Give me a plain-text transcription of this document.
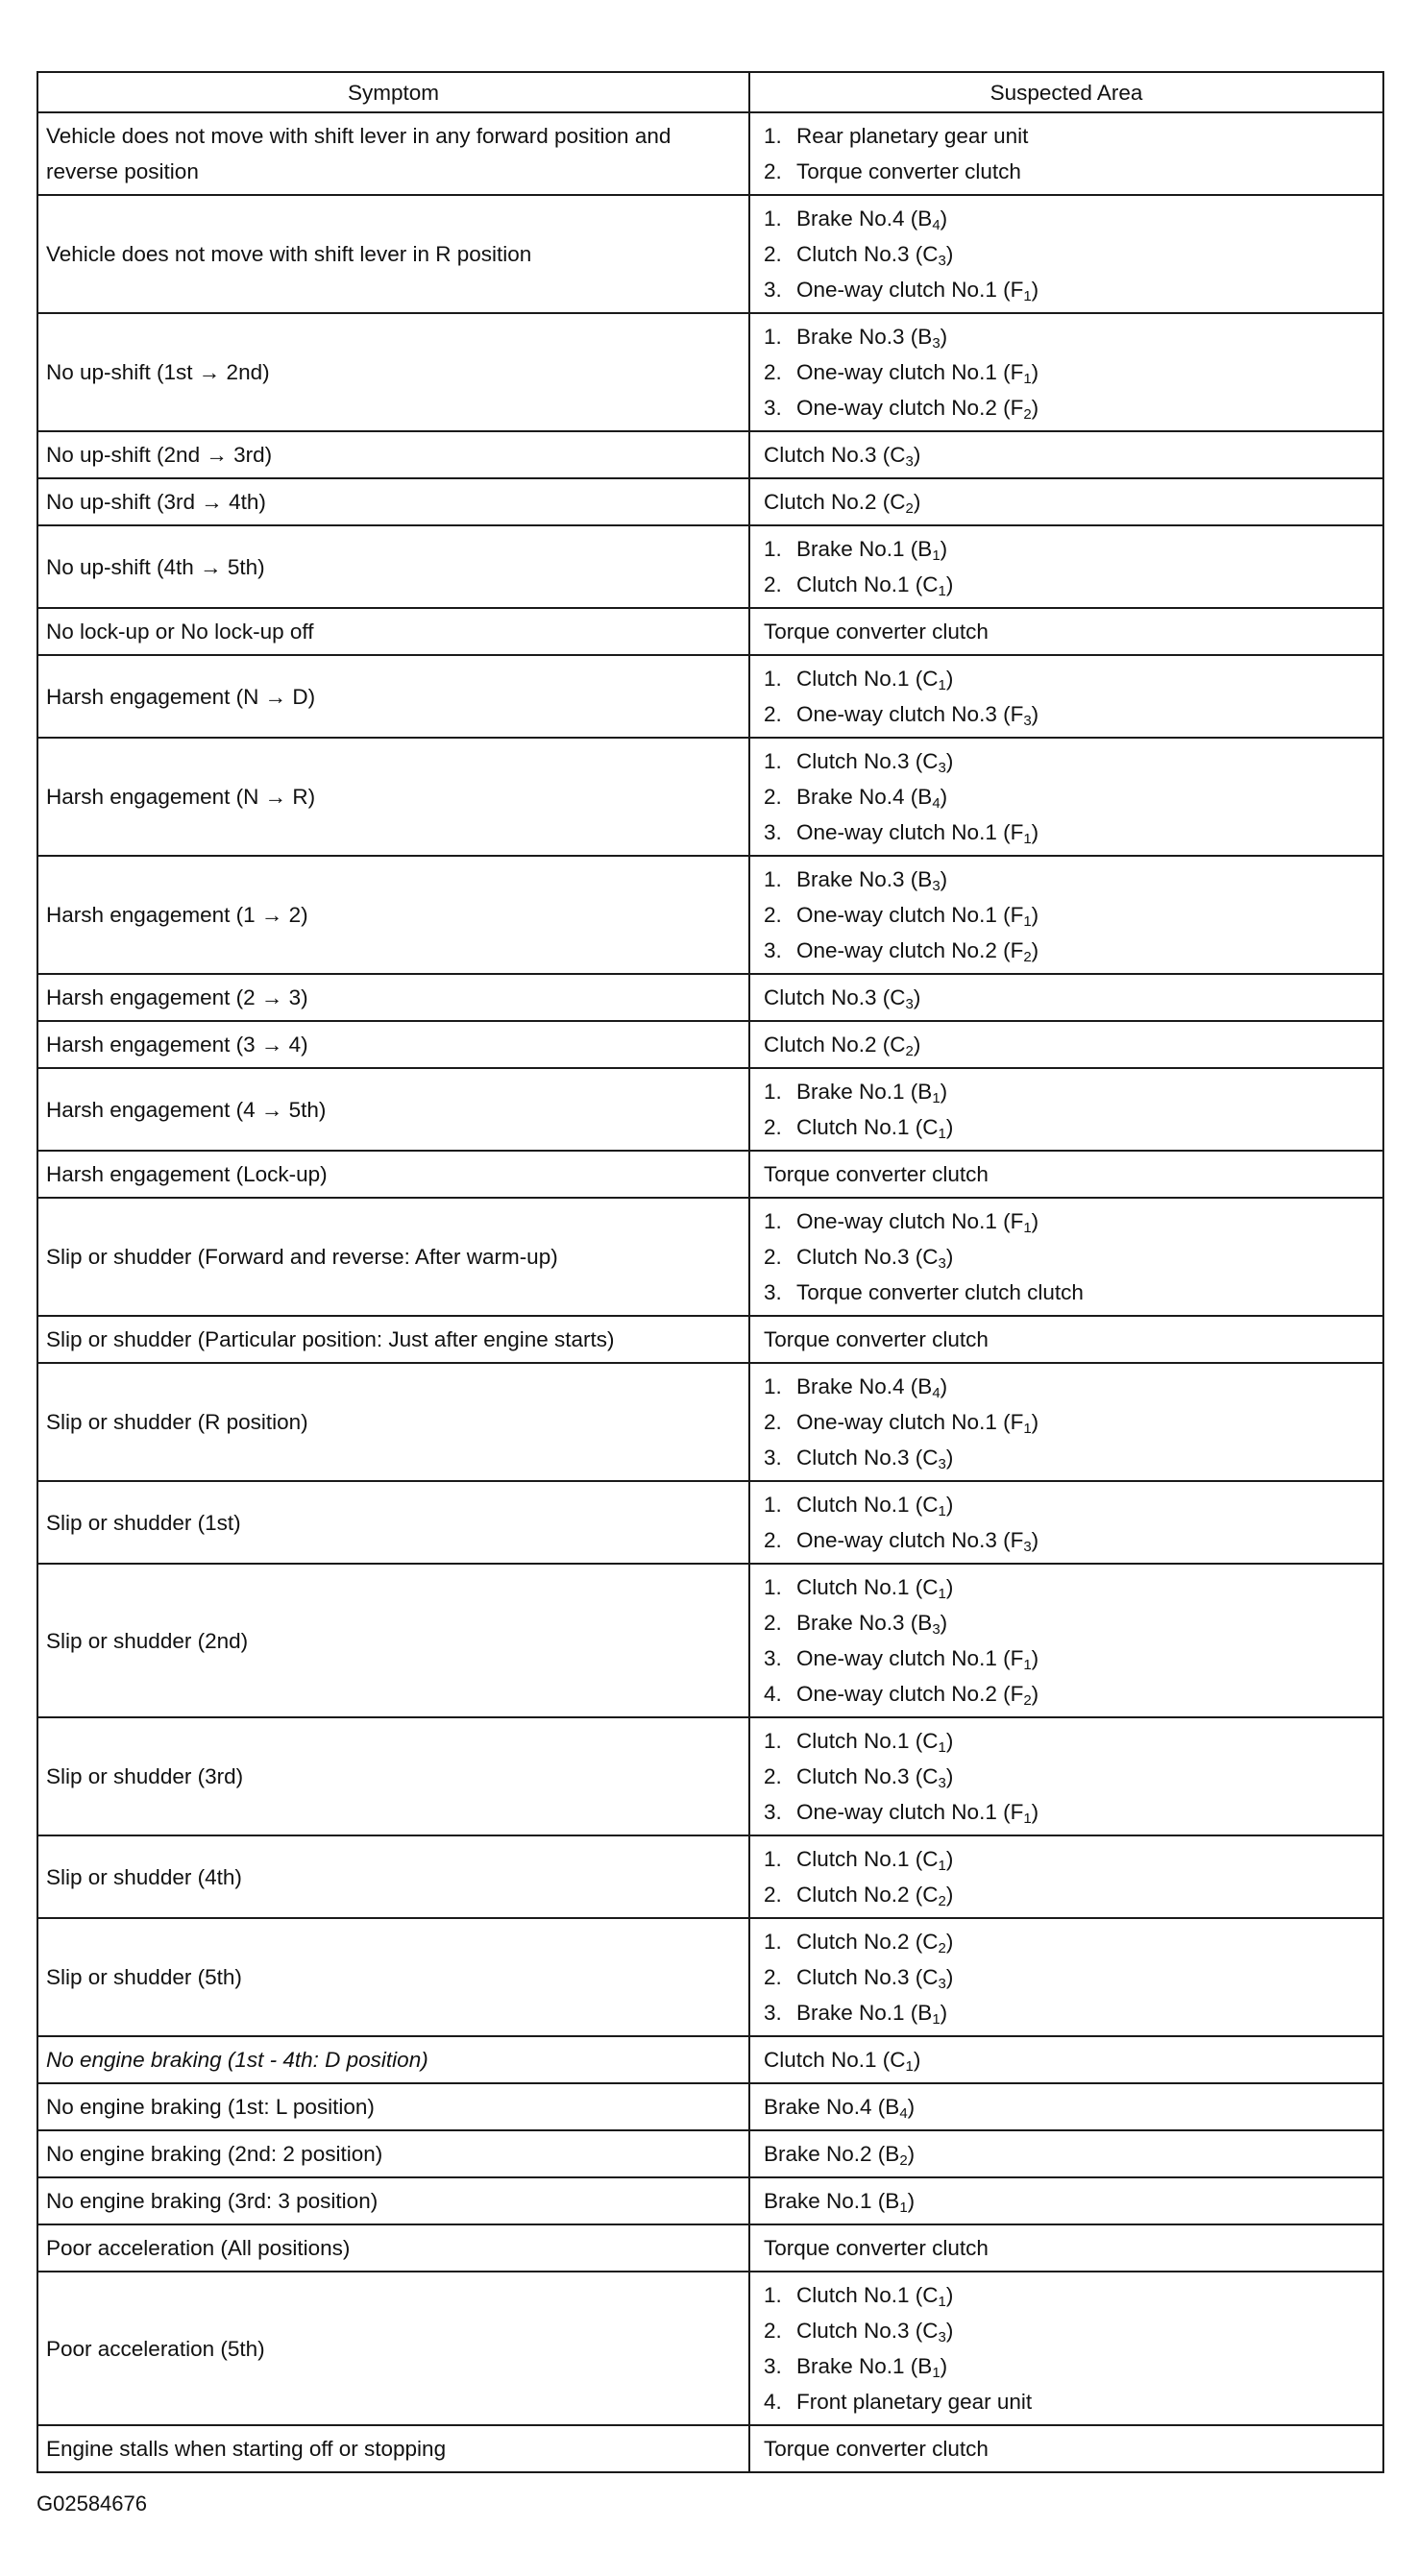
Symptom	Suspected Area
Vehicle does not move with shift lever in any forward position and reverse position	1. Rear planetary gear unit
2. Torque converter clutch

Vehicle does not move with shift lever in R position	1. Brake No.4 $(B_4)$
2. Clutch No.3 $(C_3)$
3. One-way clutch No.1 $(F_1)$

No up-shift (1st → 2nd)	1. Brake No.3 $(B_3)$
2. One-way clutch No.1 $(F_1)$
3. One-way clutch No.2 $(F_2)$

No up-shift (2nd → 3rd)	Clutch No.3 $(C_3)$

No up-shift (3rd → 4th)	Clutch No.2 $(C_2)$

No up-shift (4th → 5th)	1. Brake No.1 $(B_1)$
2. Clutch No.1 $(C_1)$

No lock-up or No lock-up off	Torque converter clutch

Harsh engagement (N → D)	1. Clutch No.1 $(C_1)$
2. One-way clutch No.3 $(F_3)$

Harsh engagement (N → R)	1. Clutch No.3 $(C_3)$
2. Brake No.4 $(B_4)$
3. One-way clutch No.1 $(F_1)$

Harsh engagement (1 → 2)	1. Brake No.3 $(B_3)$
2. One-way clutch No.1 $(F_1)$
3. One-way clutch No.2 $(F_2)$

Harsh engagement (2 → 3)	Clutch No.3 $(C_3)$

Harsh engagement (3 → 4)	Clutch No.2 $(C_2)$

Harsh engagement (4 → 5th)	1. Brake No.1 $(B_1)$
2. Clutch No.1 $(C_1)$

Harsh engagement (Lock-up)	Torque converter clutch

Slip or shudder (Forward and reverse: After warm-up)	1. One-way clutch No.1 $(F_1)$
2. Clutch No.3 $(C_3)$
3. Torque converter clutch clutch

Slip or shudder (Particular position: Just after engine starts)	Torque converter clutch

Slip or shudder (R position)	1. Brake No.4 $(B_4)$
2. One-way clutch No.1 $(F_1)$
3. Clutch No.3 $(C_3)$

Slip or shudder (1st)	1. Clutch No.1 $(C_1)$
2. One-way clutch No.3 $(F_3)$

Slip or shudder (2nd)	1. Clutch No.1 $(C_1)$
2. Brake No.3 $(B_3)$
3. One-way clutch No.1 $(F_1)$
4. One-way clutch No.2 $(F_2)$

Slip or shudder (3rd)	1. Clutch No.1 $(C_1)$
2. Clutch No.3 $(C_3)$
3. One-way clutch No.1 $(F_1)$

Slip or shudder (4th)	1. Clutch No.1 $(C_1)$
2. Clutch No.2 $(C_2)$

Slip or shudder (5th)	1. Clutch No.2 $(C_2)$
2. Clutch No.3 $(C_3)$
3. Brake No.1 $(B_1)$

No engine braking (1st - 4th: D position)	Clutch No.1 $(C_1)$

No engine braking (1st: L position)	Brake No.4 $(B_4)$

No engine braking (2nd: 2 position)	Brake No.2 $(B_2)$

No engine braking (3rd: 3 position)	Brake No.1 $(B_1)$

Poor acceleration (All positions)	Torque converter clutch

Poor acceleration (5th)	1. Clutch No.1 $(C_1)$
2. Clutch No.3 $(C_3)$
3. Brake No.1 $(B_1)$
4. Front planetary gear unit

Engine stalls when starting off or stopping	Torque converter clutch
G02584676
